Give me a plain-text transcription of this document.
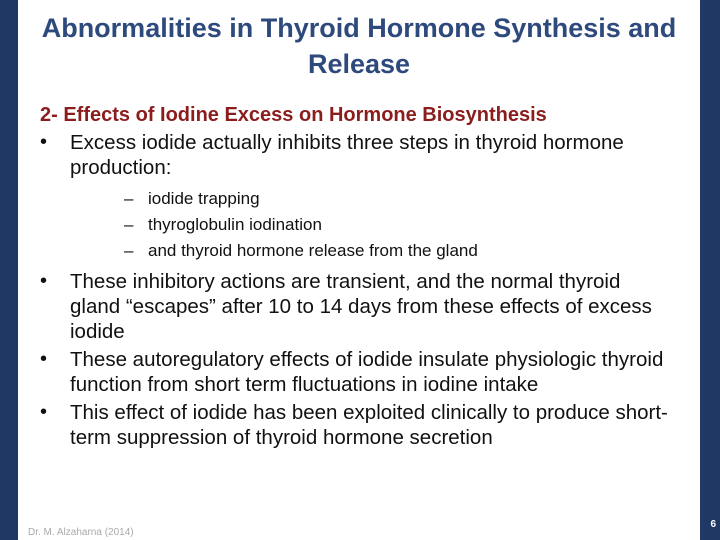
Abnormalities in Thyroid Hormone Synthesis and
Release
2- Effects of Iodine Excess on Hormone Biosynthesis
• Excess iodide actually inhibits three steps in thyroid hormone production:
– iodide trapping
– thyroglobulin iodination
– and thyroid hormone release from the gland
• These inhibitory actions are transient, and the normal thyroid gland “escapes” after 10 to 14 days from these effects of excess iodide
• These autoregulatory effects of iodide insulate physiologic thyroid function from short term fluctuations in iodine intake
• This effect of iodide has been exploited clinically to produce short-term suppression of thyroid hormone secretion
Dr. M. Alzaharna (2014)
6
